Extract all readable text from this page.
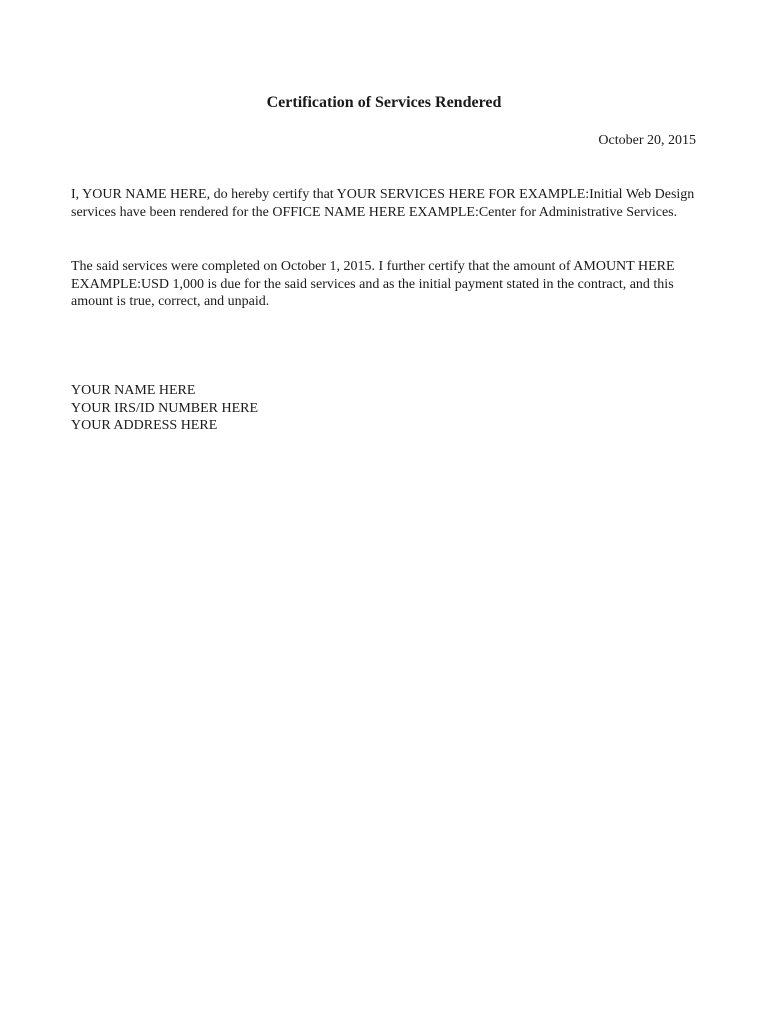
Certification of Services Rendered
October 20, 2015

I, YOUR NAME HERE, do hereby certify that YOUR SERVICES HERE FOR EXAMPLE:Initial Web Design services have been rendered for the OFFICE NAME HERE EXAMPLE:Center for Administrative Services.

The said services were completed on October 1, 2015. I further certify that the amount of AMOUNT HERE EXAMPLE:USD 1,000 is due for the said services and as the initial payment stated in the contract, and this amount is true, correct, and unpaid.

YOUR NAME HERE
YOUR IRS/ID NUMBER HERE
YOUR ADDRESS HERE
